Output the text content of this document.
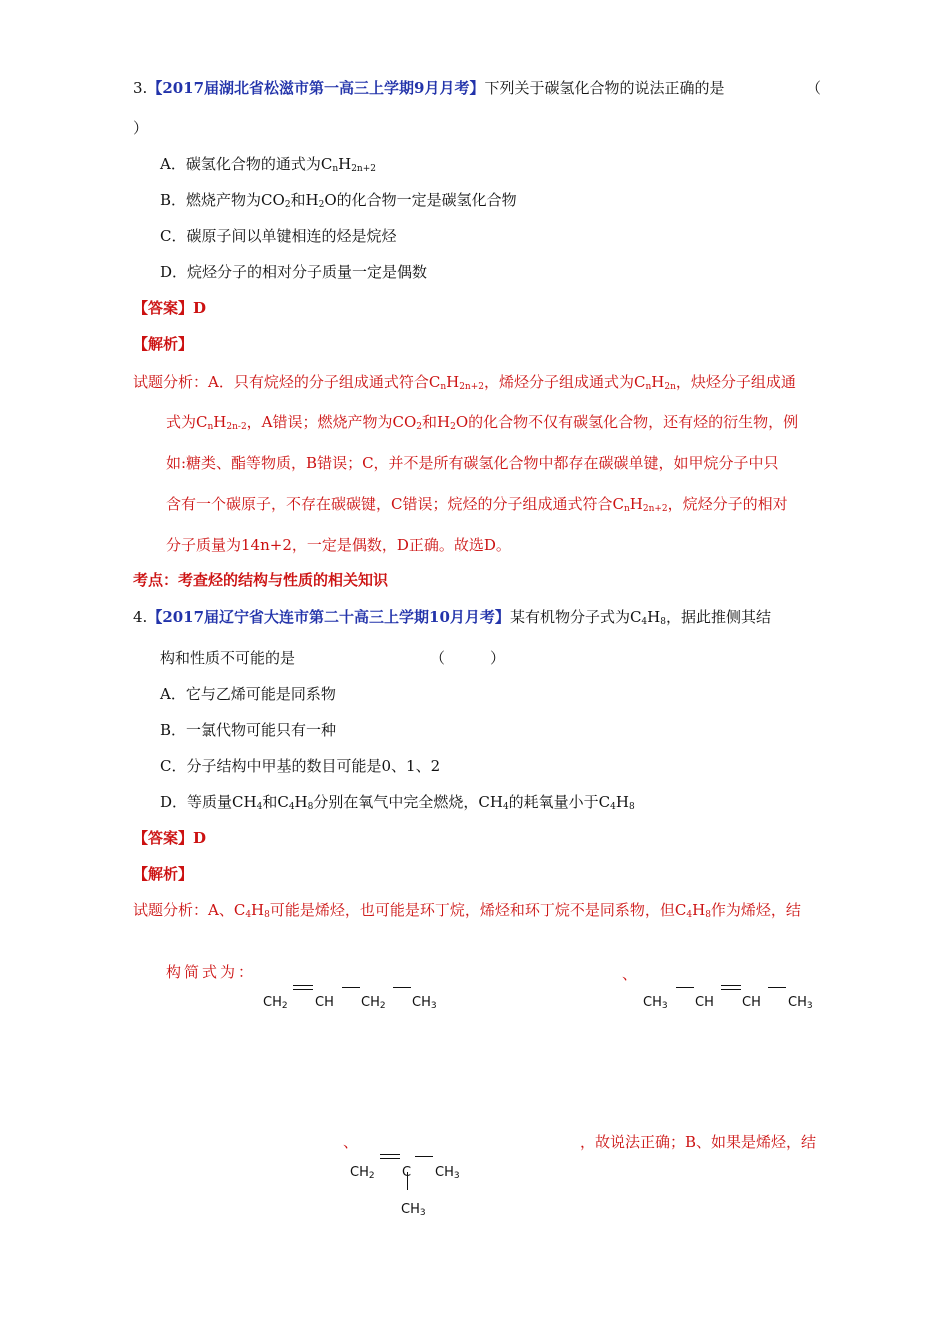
3.【2017届湖北省松滋市第一高三上学期9月月考】下列关于碳氢化合物的说法正确的是	（
）
A．碳氢化合物的通式为$C_nH_{2n+2}$
B．燃烧产物为$CO_2$和$H_2O$的化合物一定是碳氢化合物
C．碳原子间以单键相连的烃是烷烃
D．烷烃分子的相对分子质量一定是偶数
【答案】D
【解析】
试题分析：A．只有烷烃的分子组成通式符合$C_nH_{2n+2}$，烯烃分子组成通式为$C_nH_{2n}$，炔烃分子组成通
式为$C_nH_{2n-2}$，A错误；燃烧产物为$CO_2$和$H_2O$的化合物不仅有碳氢化合物，还有烃的衍生物，例
如:糖类、酯等物质，B错误；C，并不是所有碳氢化合物中都存在碳碳单键，如甲烷分子中只
含有一个碳原子，不存在碳碳键，C错误；烷烃的分子组成通式符合$C_nH_{2n+2}$，烷烃分子的相对
分子质量为14n+2，一定是偶数，D正确。故选D。
考点：考查烃的结构与性质的相关知识
4.【2017届辽宁省大连市第二十高三上学期10月月考】某有机物分子式为$C_4H_8$，据此推侧其结
构和性质不可能的是	（　　　）
A．它与乙烯可能是同系物
B．一氯代物可能只有一种
C．分子结构中甲基的数目可能是0、1、2
D．等质量$CH_4$和$C_4H_8$分别在氧气中完全燃烧，$CH_4$的耗氧量小于$C_4H_8$
【答案】D
【解析】
试题分析：A、$C_4H_8$可能是烯烃，也可能是环丁烷，烯烃和环丁烷不是同系物，但$C_4H_8$作为烯烃，结
构简式为：
$CH_2$ CH $CH_2$ $CH_3$
、
$CH_3$ CH CH $CH_3$
、
$CH_2$ C $CH_3$
$CH_3$
，故说法正确；B、如果是烯烃，结
